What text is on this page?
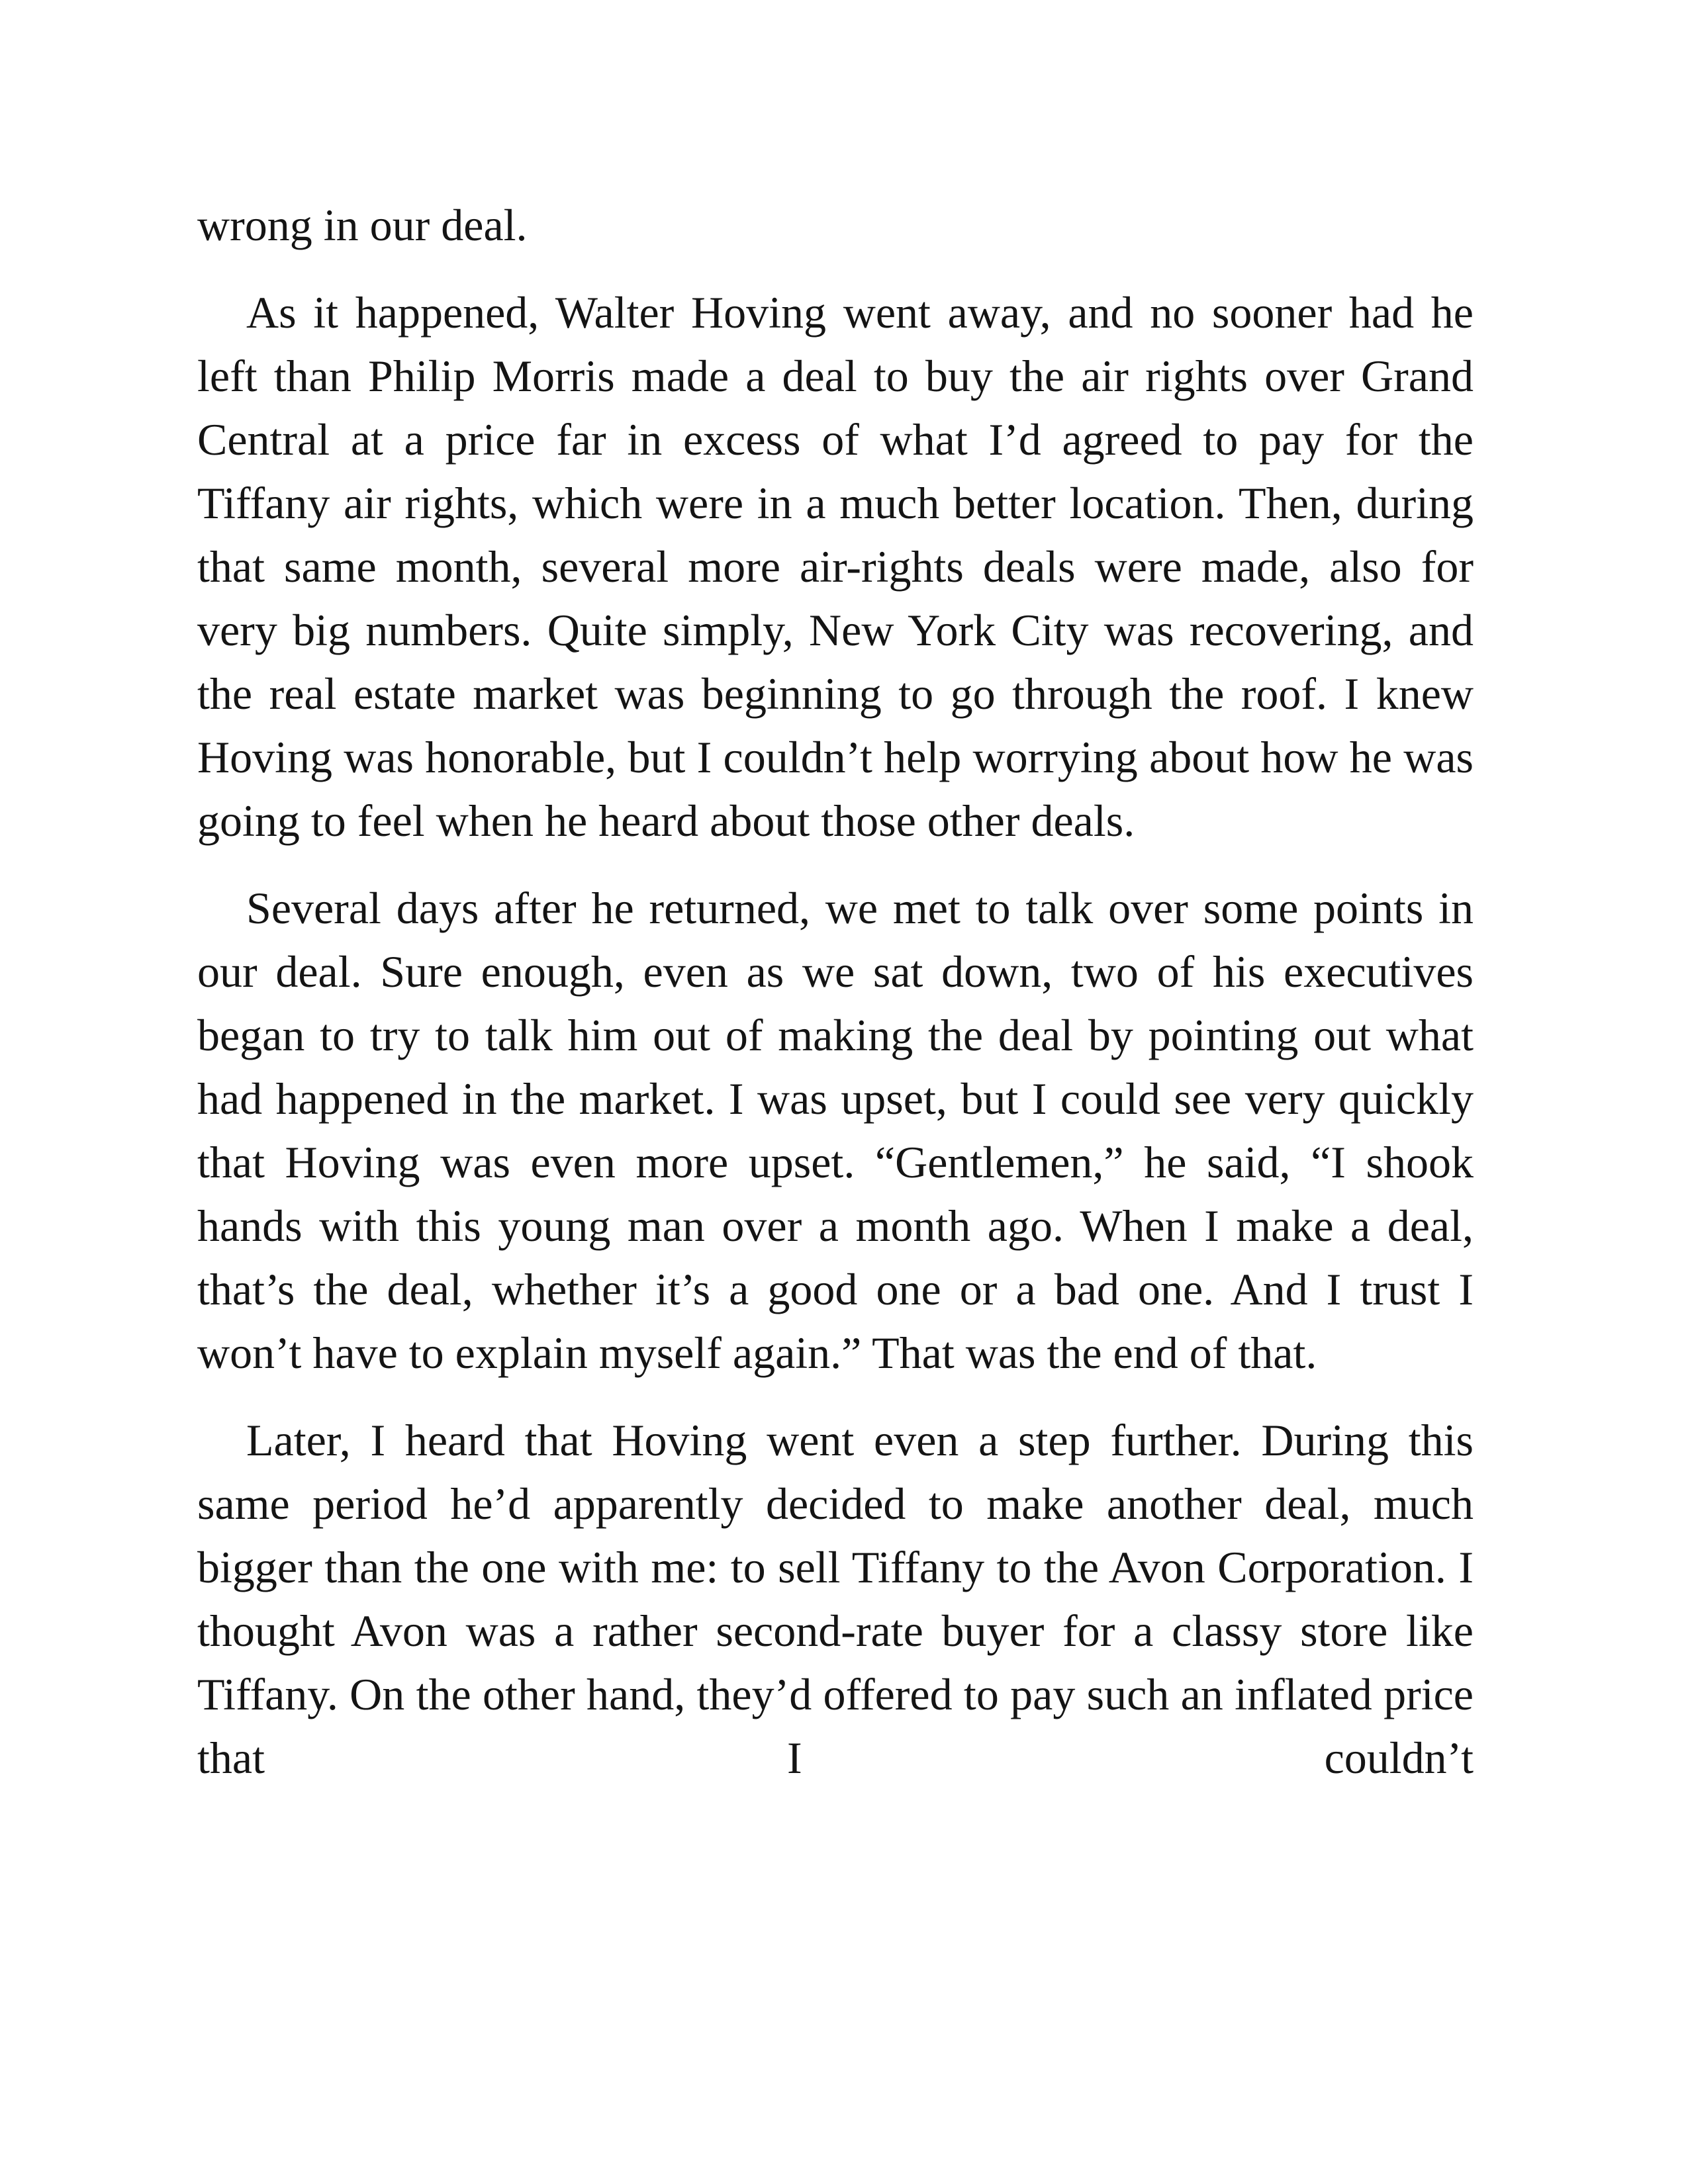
wrong in our deal.

As it happened, Walter Hoving went away, and no sooner had he left than Philip Morris made a deal to buy the air rights over Grand Central at a price far in excess of what I’d agreed to pay for the Tiffany air rights, which were in a much better location. Then, during that same month, several more air-rights deals were made, also for very big numbers. Quite simply, New York City was recovering, and the real estate market was beginning to go through the roof. I knew Hoving was honorable, but I couldn’t help worrying about how he was going to feel when he heard about those other deals.

Several days after he returned, we met to talk over some points in our deal. Sure enough, even as we sat down, two of his executives began to try to talk him out of making the deal by pointing out what had happened in the market. I was upset, but I could see very quickly that Hoving was even more upset. “Gentlemen,” he said, “I shook hands with this young man over a month ago. When I make a deal, that’s the deal, whether it’s a good one or a bad one. And I trust I won’t have to explain myself again.” That was the end of that.

Later, I heard that Hoving went even a step further. During this same period he’d apparently decided to make another deal, much bigger than the one with me: to sell Tiffany to the Avon Corporation. I thought Avon was a rather second-rate buyer for a classy store like Tiffany. On the other hand, they’d offered to pay such an inflated price that I couldn’t
